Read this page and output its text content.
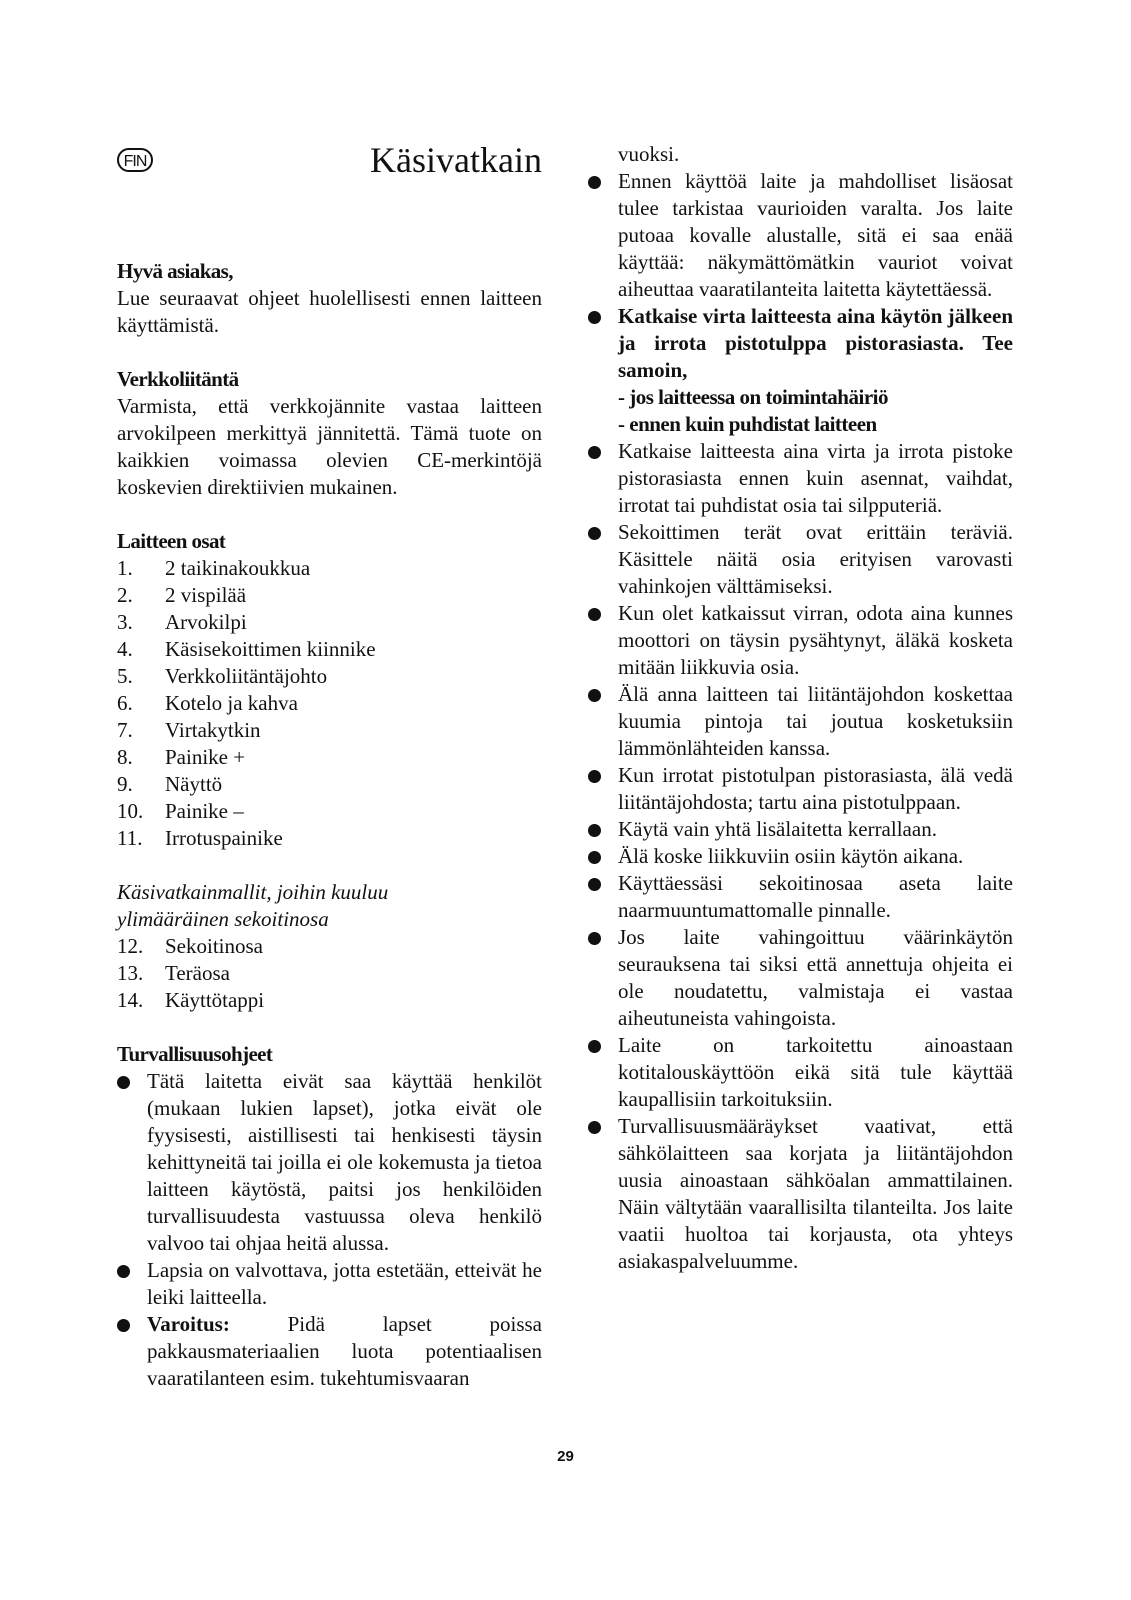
FIN	Käsivatkain
Hyvä asiakas,

Lue seuraavat ohjeet huolellisesti ennen laitteen käyttämistä.

Verkkoliitäntä

Varmista, että verkkojännite vastaa laitteen arvokilpeen merkittyä jännitettä. Tämä tuote on kaikkien voimassa olevien CE-merkintöjä koskevien direktiivien mukainen.

Laitteen osat
1. 2 taikinakoukkua
2. 2 vispilää
3. Arvokilpi
4. Käsisekoittimen kiinnike
5. Verkkoliitäntäjohto
6. Kotelo ja kahva
7. Virtakytkin
8. Painike +
9. Näyttö
10. Painike –
11. Irrotuspainike
Käsivatkainmallit, joihin kuuluu
ylimääräinen sekoitinosa
12. Sekoitinosa
13. Teräosa
14. Käyttötappi
Turvallisuusohjeet
Tätä laitetta eivät saa käyttää henkilöt (mukaan lukien lapset), jotka eivät ole fyysisesti, aistillisesti tai henkisesti täysin kehittyneitä tai joilla ei ole kokemusta ja tietoa laitteen käytöstä, paitsi jos henkilöiden turvallisuudesta vastuussa oleva henkilö valvoo tai ohjaa heitä alussa.
Lapsia on valvottava, jotta estetään, etteivät he leiki laitteella.
Varoitus: Pidä lapset poissa pakkausmateriaalien luota potentiaalisen vaaratilanteen esim. tukehtumisvaaran
vuoksi.
Ennen käyttöä laite ja mahdolliset lisäosat tulee tarkistaa vaurioiden varalta. Jos laite putoaa kovalle alustalle, sitä ei saa enää käyttää: näkymättömätkin vauriot voivat aiheuttaa vaaratilanteita laitetta käytettäessä.
Katkaise virta laitteesta aina käytön jälkeen ja irrota pistotulppa pistorasiasta. Tee samoin,
- jos laitteessa on toimintahäiriö
- ennen kuin puhdistat laitteen
Katkaise laitteesta aina virta ja irrota pistoke pistorasiasta ennen kuin asennat, vaihdat, irrotat tai puhdistat osia tai silpputeriä.
Sekoittimen terät ovat erittäin teräviä. Käsittele näitä osia erityisen varovasti vahinkojen välttämiseksi.
Kun olet katkaissut virran, odota aina kunnes moottori on täysin pysähtynyt, äläkä kosketa mitään liikkuvia osia.
Älä anna laitteen tai liitäntäjohdon koskettaa kuumia pintoja tai joutua kosketuksiin lämmönlähteiden kanssa.
Kun irrotat pistotulpan pistorasiasta, älä vedä liitäntäjohdosta; tartu aina pistotulppaan.
Käytä vain yhtä lisälaitetta kerrallaan.
Älä koske liikkuviin osiin käytön aikana.
Käyttäessäsi sekoitinosaa aseta laite naarmuuntumattomalle pinnalle.
Jos laite vahingoittuu väärinkäytön seurauksena tai siksi että annettuja ohjeita ei ole noudatettu, valmistaja ei vastaa aiheutuneista vahingoista.
Laite on tarkoitettu ainoastaan kotitalouskäyttöön eikä sitä tule käyttää kaupallisiin tarkoituksiin.
Turvallisuusmääräykset vaativat, että sähkölaitteen saa korjata ja liitäntäjohdon uusia ainoastaan sähköalan ammattilainen. Näin vältytään vaarallisilta tilanteilta. Jos laite vaatii huoltoa tai korjausta, ota yhteys asiakaspalveluumme.
29
